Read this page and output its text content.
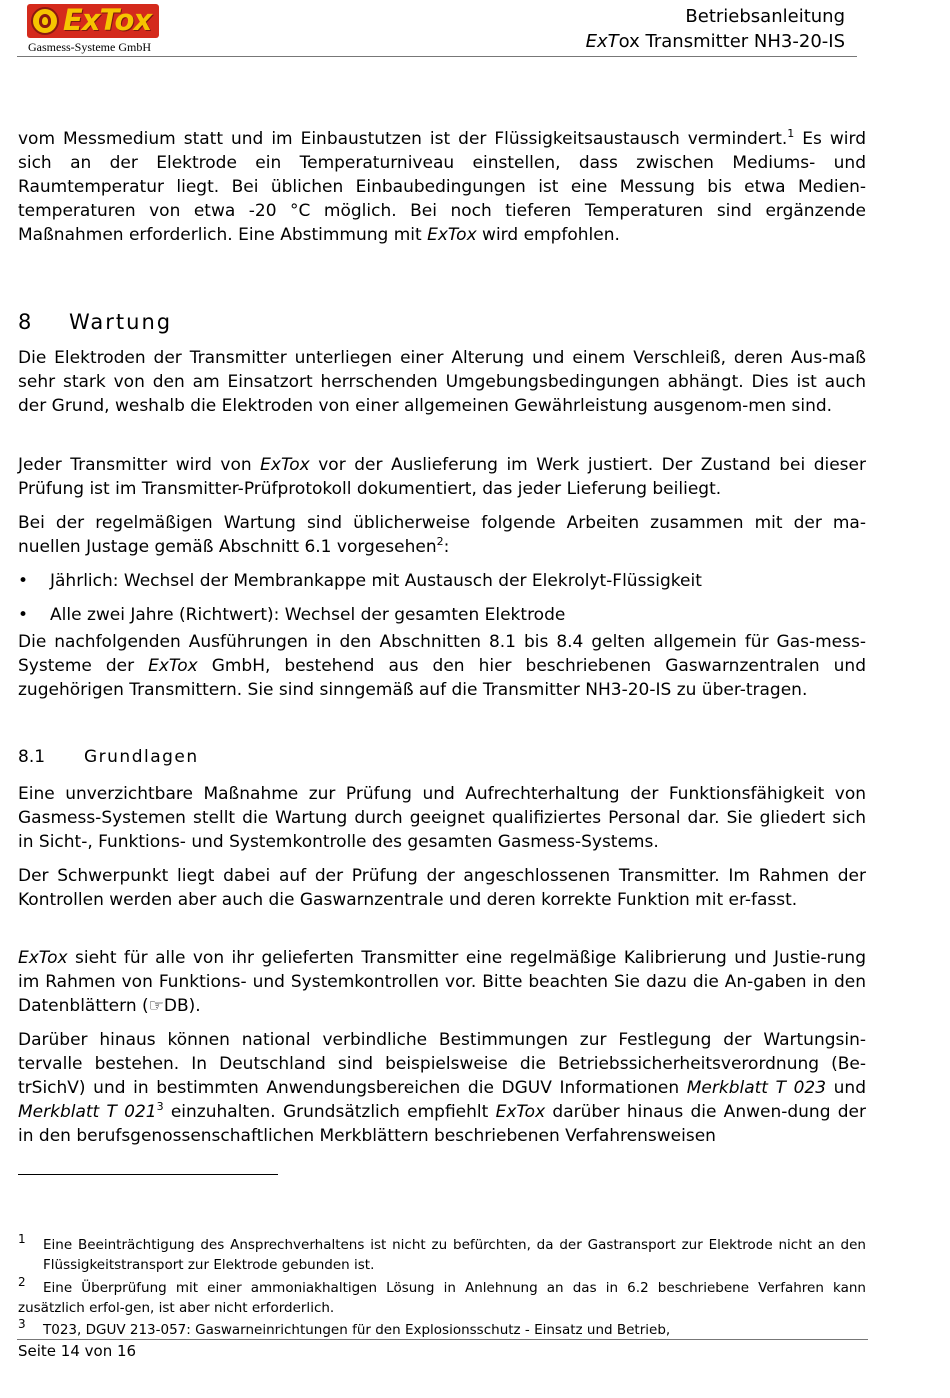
ExTox
Gasmess-Systeme GmbH
Betriebsanleitung
ExTox Transmitter NH3-20-IS
vom Messmedium statt und im Einbaustutzen ist der Flüssigkeitsaustausch vermindert.$^1$ Es wird sich an der Elektrode ein Temperaturniveau einstellen, dass zwischen Mediums- und Raumtemperatur liegt. Bei üblichen Einbaubedingungen ist eine Messung bis etwa Medien-temperaturen von etwa -20 °C möglich. Bei noch tieferen Temperaturen sind ergänzende Maßnahmen erforderlich. Eine Abstimmung mit ExTox wird empfohlen.
8 Wartung
Die Elektroden der Transmitter unterliegen einer Alterung und einem Verschleiß, deren Aus-maß sehr stark von den am Einsatzort herrschenden Umgebungsbedingungen abhängt. Dies ist auch der Grund, weshalb die Elektroden von einer allgemeinen Gewährleistung ausgenom-men sind.
Jeder Transmitter wird von ExTox vor der Auslieferung im Werk justiert. Der Zustand bei dieser Prüfung ist im Transmitter-Prüfprotokoll dokumentiert, das jeder Lieferung beiliegt.
Bei der regelmäßigen Wartung sind üblicherweise folgende Arbeiten zusammen mit der ma-nuellen Justage gemäß Abschnitt 6.1 vorgesehen$^2$:
• Jährlich: Wechsel der Membrankappe mit Austausch der Elekrolyt-Flüssigkeit
• Alle zwei Jahre (Richtwert): Wechsel der gesamten Elektrode
Die nachfolgenden Ausführungen in den Abschnitten 8.1 bis 8.4 gelten allgemein für Gas-mess-Systeme der ExTox GmbH, bestehend aus den hier beschriebenen Gaswarnzentralen und zugehörigen Transmittern. Sie sind sinngemäß auf die Transmitter NH3-20-IS zu über-tragen.
8.1 Grundlagen
Eine unverzichtbare Maßnahme zur Prüfung und Aufrechterhaltung der Funktionsfähigkeit von Gasmess-Systemen stellt die Wartung durch geeignet qualifiziertes Personal dar. Sie gliedert sich in Sicht-, Funktions- und Systemkontrolle des gesamten Gasmess-Systems.
Der Schwerpunkt liegt dabei auf der Prüfung der angeschlossenen Transmitter. Im Rahmen der Kontrollen werden aber auch die Gaswarnzentrale und deren korrekte Funktion mit er-fasst.
ExTox sieht für alle von ihr gelieferten Transmitter eine regelmäßige Kalibrierung und Justie-rung im Rahmen von Funktions- und Systemkontrollen vor. Bitte beachten Sie dazu die An-gaben in den Datenblättern (☞DB).
Darüber hinaus können national verbindliche Bestimmungen zur Festlegung der Wartungsin-tervalle bestehen. In Deutschland sind beispielsweise die Betriebssicherheitsverordnung (Be-trSichV) und in bestimmten Anwendungsbereichen die DGUV Informationen Merkblatt T 023 und Merkblatt T $021^3$ einzuhalten. Grundsätzlich empfiehlt ExTox darüber hinaus die Anwen-dung der in den berufsgenossenschaftlichen Merkblättern beschriebenen Verfahrensweisen
1	Eine Beeinträchtigung des Ansprechverhaltens ist nicht zu befürchten, da der Gastransport zur Elektrode nicht an den Flüssigkeitstransport zur Elektrode gebunden ist.
2	Eine Überprüfung mit einer ammoniakhaltigen Lösung in Anlehnung an das in 6.2 beschriebene Verfahren kann zusätzlich erfol-gen, ist aber nicht erforderlich.
3	T023, DGUV 213-057: Gaswarneinrichtungen für den Explosionsschutz - Einsatz und Betrieb,
Seite 14 von 16
